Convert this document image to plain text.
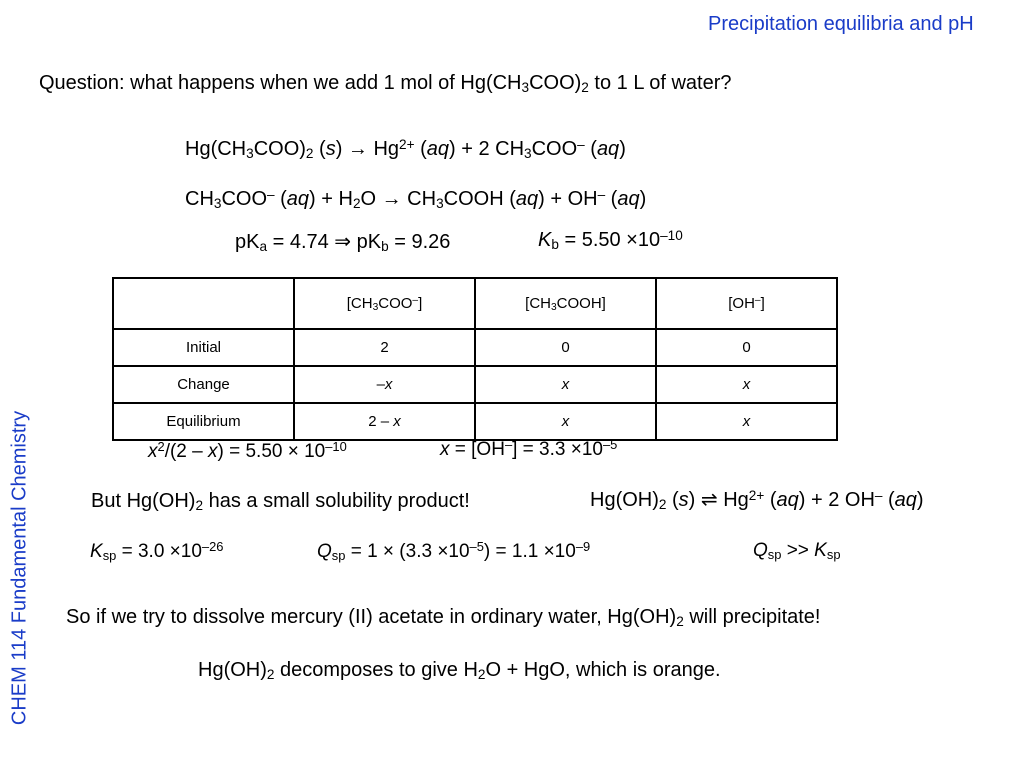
Precipitation equilibria and pH
CHEM 114 Fundamental Chemistry
Question: what happens when we add 1 mol of $Hg(CH_3COO)_2$ to 1 L of water?
$Hg(CH_3COO)_2$ $(s) \to Hg^{2+}$ (aq) + 2 $CH_3COO^-$ (aq)
$CH_3COO^-$ $(aq) + H_2O$ → $CH_3COOH$ (aq) + OH– (aq)
$pK_a = 4.74$ ⇒ $pK_b = 9.26$	$K_b = 5.50 \times 10^{-10}$
	$[CH_3COO^-]$	$[CH_3COOH]$	[OH–]
Initial	2	0	0
Change	–x	x	x
Equilibrium	2 – x	x	x
$x^2/(2 - x) = 5.50 \times 10^{-10}$	$x = [OH^-] = 3.3 \times 10^{-5}$
But $Hg(OH)_2$ has a small solubility product!	$Hg(OH)_2$ (s) ⇌ $Hg^{2+}$ (aq) + 2 OH– (aq)
$K_{sp} = 3.0 \times 10^{-26}$	$Q_{sp} = 1 \times (3.3 \times 10^{-5}) = 1.1 \times 10^{-9}$	$Q_{sp} >> K_{sp}$
So if we try to dissolve mercury (II) acetate in ordinary water, $Hg(OH)_2$ will precipitate!
$Hg(OH)_2$ decomposes to give $H_2O$ + HgO, which is orange.
